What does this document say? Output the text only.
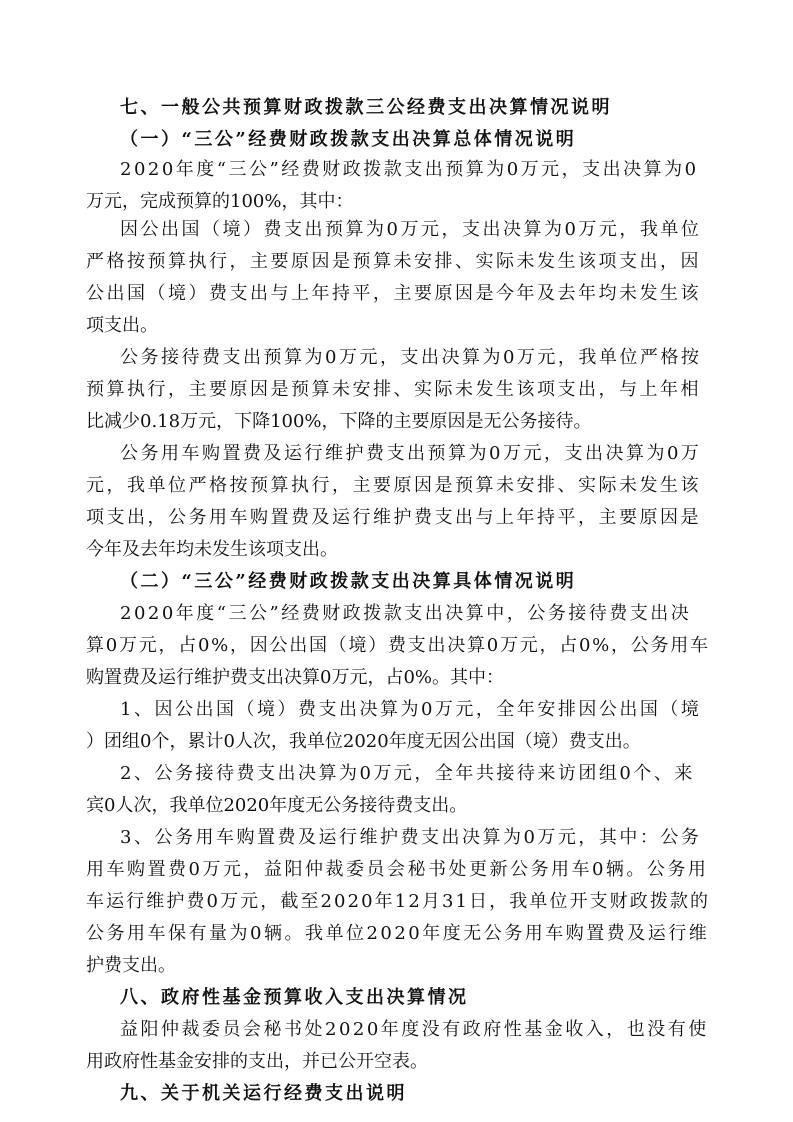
七、一般公共预算财政拨款三公经费支出决算情况说明
（一）“三公”经费财政拨款支出决算总体情况说明
2020年度“三公”经费财政拨款支出预算为0万元，支出决算为0
万元，完成预算的100%，其中：
因公出国（境）费支出预算为0万元，支出决算为0万元，我单位
严格按预算执行，主要原因是预算未安排、实际未发生该项支出，因
公出国（境）费支出与上年持平，主要原因是今年及去年均未发生该
项支出。
公务接待费支出预算为0万元，支出决算为0万元，我单位严格按
预算执行，主要原因是预算未安排、实际未发生该项支出，与上年相
比减少0.18万元，下降100%，下降的主要原因是无公务接待。
公务用车购置费及运行维护费支出预算为0万元，支出决算为0万
元，我单位严格按预算执行，主要原因是预算未安排、实际未发生该
项支出，公务用车购置费及运行维护费支出与上年持平，主要原因是
今年及去年均未发生该项支出。
（二）“三公”经费财政拨款支出决算具体情况说明
2020年度“三公”经费财政拨款支出决算中，公务接待费支出决
算0万元，占0%，因公出国（境）费支出决算0万元，占0%，公务用车
购置费及运行维护费支出决算0万元，占0%。其中：
1、因公出国（境）费支出决算为0万元，全年安排因公出国（境
）团组0个，累计0人次，我单位2020年度无因公出国（境）费支出。
2、公务接待费支出决算为0万元，全年共接待来访团组0个、来
宾0人次，我单位2020年度无公务接待费支出。
3、公务用车购置费及运行维护费支出决算为0万元，其中：公务
用车购置费0万元，益阳仲裁委员会秘书处更新公务用车0辆。公务用
车运行维护费0万元，截至2020年12月31日，我单位开支财政拨款的
公务用车保有量为0辆。我单位2020年度无公务用车购置费及运行维
护费支出。
八、政府性基金预算收入支出决算情况
益阳仲裁委员会秘书处2020年度没有政府性基金收入，也没有使
用政府性基金安排的支出，并已公开空表。
九、关于机关运行经费支出说明
